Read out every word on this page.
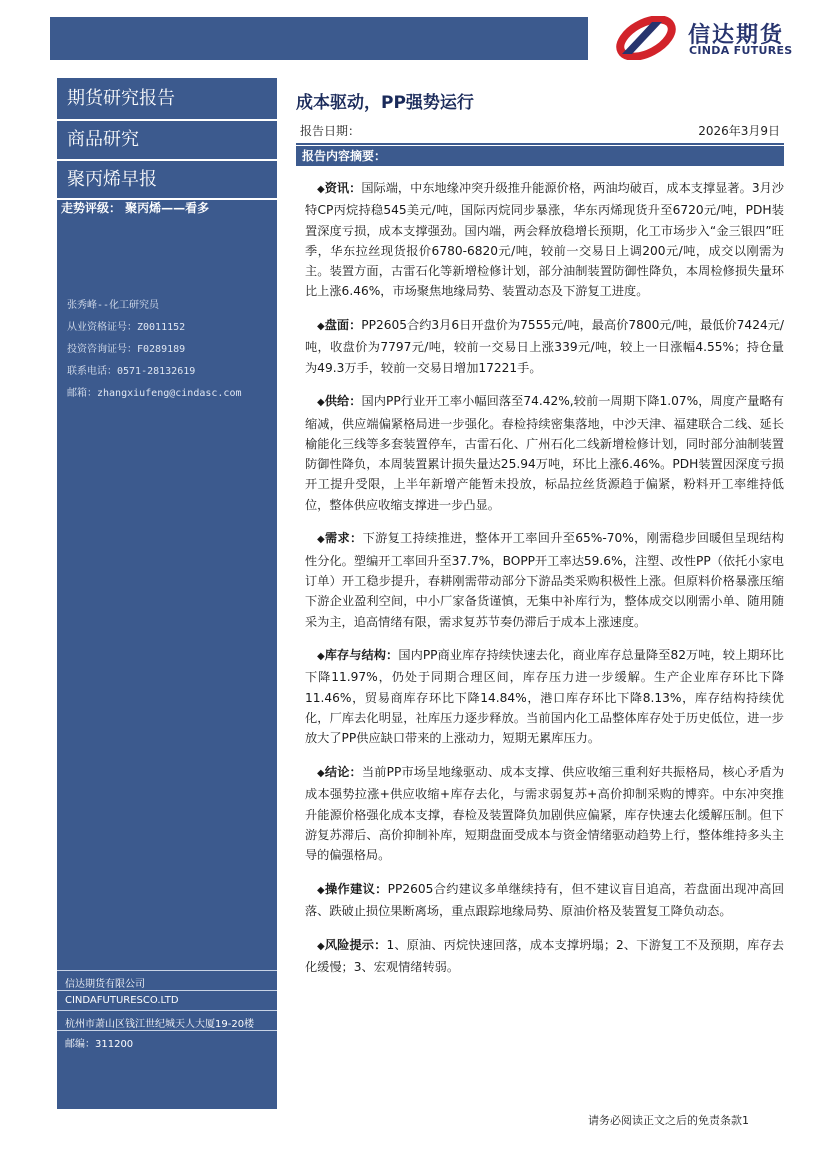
信达期货
CINDA FUTURES
期货研究报告
商品研究
聚丙烯早报
走势评级： 聚丙烯——看多
张秀峰--化工研究员
从业资格证号：Z0011152
投资咨询证号：F0289189
联系电话：0571-28132619
邮箱：zhangxiufeng@cindasc.com
信达期货有限公司
CINDAFUTURESCO.LTD
杭州市萧山区钱江世纪城天人大厦19-20楼
邮编：311200
成本驱动，PP强势运行
报告日期：	2026年3月9日
报告内容摘要：

◆资讯：国际端，中东地缘冲突升级推升能源价格，两油均破百，成本支撑显著。3月沙特CP丙烷持稳545美元/吨，国际丙烷同步暴涨，华东丙烯现货升至6720元/吨，PDH装置深度亏损，成本支撑强劲。国内端，两会释放稳增长预期，化工市场步入“金三银四”旺季，华东拉丝现货报价6780-6820元/吨，较前一交易日上调200元/吨，成交以刚需为主。装置方面，古雷石化等新增检修计划，部分油制装置防御性降负，本周检修损失量环比上涨6.46%，市场聚焦地缘局势、装置动态及下游复工进度。

◆盘面：PP2605合约3月6日开盘价为7555元/吨，最高价7800元/吨，最低价7424元/吨，收盘价为7797元/吨，较前一交易日上涨339元/吨，较上一日涨幅4.55%；持仓量为49.3万手，较前一交易日增加17221手。

◆供给：国内PP行业开工率小幅回落至74.42%,较前一周期下降1.07%，周度产量略有缩减，供应端偏紧格局进一步强化。春检持续密集落地，中沙天津、福建联合二线、延长榆能化三线等多套装置停车，古雷石化、广州石化二线新增检修计划，同时部分油制装置防御性降负，本周装置累计损失量达25.94万吨，环比上涨6.46%。PDH装置因深度亏损开工提升受限，上半年新增产能暂未投放，标品拉丝货源趋于偏紧，粉料开工率维持低位，整体供应收缩支撑进一步凸显。

◆需求：下游复工持续推进，整体开工率回升至65%-70%，刚需稳步回暖但呈现结构性分化。塑编开工率回升至37.7%，BOPP开工率达59.6%，注塑、改性PP（依托小家电订单）开工稳步提升，春耕刚需带动部分下游品类采购积极性上涨。但原料价格暴涨压缩下游企业盈利空间，中小厂家备货谨慎，无集中补库行为，整体成交以刚需小单、随用随采为主，追高情绪有限，需求复苏节奏仍滞后于成本上涨速度。

◆库存与结构：国内PP商业库存持续快速去化，商业库存总量降至82万吨，较上期环比下降11.97%，仍处于同期合理区间，库存压力进一步缓解。生产企业库存环比下降11.46%，贸易商库存环比下降14.84%，港口库存环比下降8.13%，库存结构持续优化，厂库去化明显，社库压力逐步释放。当前国内化工品整体库存处于历史低位，进一步放大了PP供应缺口带来的上涨动力，短期无累库压力。

◆结论：当前PP市场呈地缘驱动、成本支撑、供应收缩三重利好共振格局，核心矛盾为成本强势拉涨+供应收缩+库存去化，与需求弱复苏+高价抑制采购的博弈。中东冲突推升能源价格强化成本支撑，春检及装置降负加剧供应偏紧，库存快速去化缓解压制。但下游复苏滞后、高价抑制补库，短期盘面受成本与资金情绪驱动趋势上行，整体维持多头主导的偏强格局。

◆操作建议：PP2605合约建议多单继续持有，但不建议盲目追高，若盘面出现冲高回落、跌破止损位果断离场，重点跟踪地缘局势、原油价格及装置复工降负动态。

◆风险提示：1、原油、丙烷快速回落，成本支撑坍塌；2、下游复工不及预期，库存去化缓慢；3、宏观情绪转弱。

请务必阅读正文之后的免责条款1
